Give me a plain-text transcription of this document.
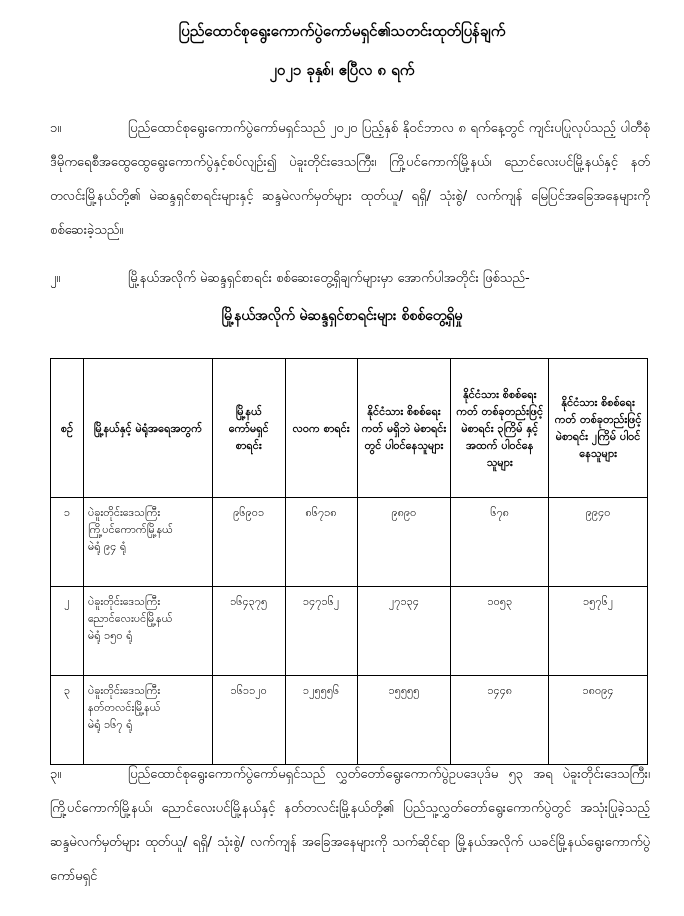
ပြည်ထောင်စုရွေးကောက်ပွဲကော်မရှင်၏သတင်းထုတ်ပြန်ချက်
၂၀၂၁ ခုနှစ်၊ ဧပြီလ ၈ ရက်
၁။	ပြည်ထောင်စုရွေးကောက်ပွဲကော်မရှင်သည် ၂၀၂၀ ပြည့်နှစ် နိုဝင်ဘာလ ၈ ရက်နေ့တွင် ကျင်းပပြုလုပ်သည့် ပါတီစုံဒီမိုကရေစီအထွေထွေရွေးကောက်ပွဲနှင့်စပ်လျဉ်း၍ ပဲခူးတိုင်းဒေသကြီး၊ ကြို့ပင်ကောက်မြို့နယ်၊ ညောင်လေးပင်မြို့နယ်နှင့် နတ်တလင်းမြို့နယ်တို့၏ မဲဆန္ဒရှင်စာရင်းများနှင့် ဆန္ဒမဲလက်မှတ်များ ထုတ်ယူ/ ရရှိ/ သုံးစွဲ/ လက်ကျန် မြေပြင်အခြေအနေများကို စစ်ဆေးခဲ့သည်။
၂။	မြို့နယ်အလိုက် မဲဆန္ဒရှင်စာရင်း စစ်ဆေးတွေ့ရှိချက်များမှာ အောက်ပါအတိုင်း ဖြစ်သည်-
မြို့နယ်အလိုက် မဲဆန္ဒရှင်စာရင်းများ စိစစ်တွေ့ရှိမှု
စဉ်	မြို့နယ်နှင့် မဲရုံအရေအတွက်	မြို့နယ် ကော်မရှင် စာရင်း	လဝက စာရင်း	နိုင်ငံသား စိစစ်ရေးကတ် မရှိဘဲ မဲစာရင်းတွင် ပါဝင်နေသူများ	နိုင်ငံသား စိစစ်ရေးကတ် တစ်ခုတည်းဖြင့် မဲစာရင်း ၃ကြိမ် နှင့် အထက် ပါဝင်နေသူများ	နိုင်ငံသား စိစစ်ရေးကတ် တစ်ခုတည်းဖြင့် မဲစာရင်း ၂ကြိမ် ပါဝင်နေသူများ
၁	ပဲခူးတိုင်းဒေသကြီး
ကြို့ပင်ကောက်မြို့နယ်
မဲရုံ ၉၄ ရုံ	၉၆၉၀၁	၈၆၇၁၈	၉၈၉၀	၆၇၈	၉၉၄၀
၂	ပဲခူးတိုင်းဒေသကြီး
ညောင်လေးပင်မြို့နယ်
မဲရုံ ၁၅၀ ရုံ	၁၆၄၃၇၅	၁၄၇၁၆၂	၂၇၁၃၄	၁၀၅၃	၁၅၇၆၂
၃	ပဲခူးတိုင်းဒေသကြီး
နတ်တလင်းမြို့နယ်
မဲရုံ ၁၆၇ ရုံ	၁၆၁၁၂၀	၁၂၅၅၅၆	၁၅၅၅၅	၁၄၄၈	၁၈၀၉၄
၃။	ပြည်ထောင်စုရွေးကောက်ပွဲကော်မရှင်သည် လွှတ်တော်ရွေးကောက်ပွဲဥပဒေပုဒ်မ ၅၃ အရ ပဲခူးတိုင်းဒေသကြီး၊ ကြို့ပင်ကောက်မြို့နယ်၊ ညောင်လေးပင်မြို့နယ်နှင့် နတ်တလင်းမြို့နယ်တို့၏ ပြည်သူ့လွှတ်တော်ရွေးကောက်ပွဲတွင် အသုံးပြုခဲ့သည့် ဆန္ဒမဲလက်မှတ်များ ထုတ်ယူ/ ရရှိ/ သုံးစွဲ/ လက်ကျန် အခြေအနေများကို သက်ဆိုင်ရာ မြို့နယ်အလိုက် ယခင်မြို့နယ်ရွေးကောက်ပွဲကော်မရှင်
